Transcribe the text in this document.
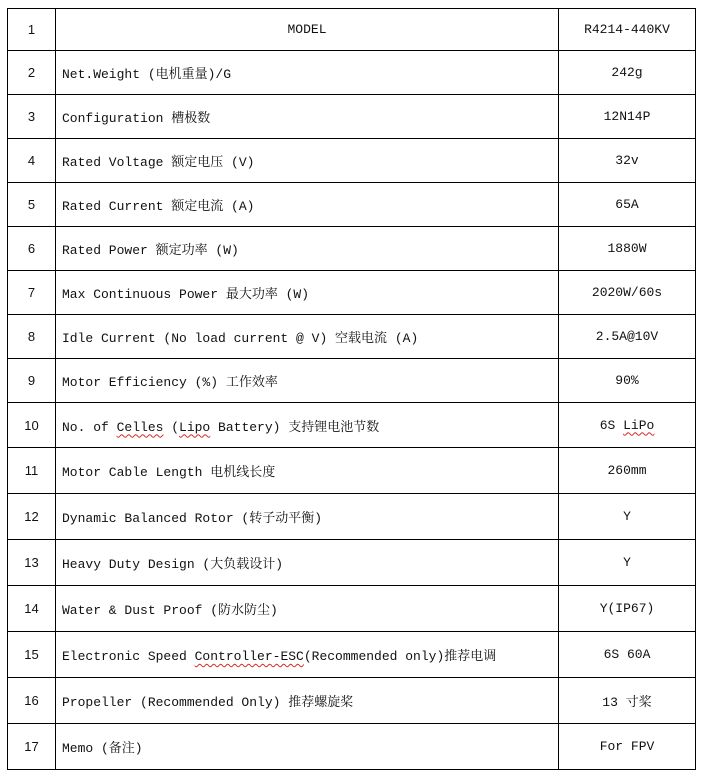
1	MODEL	R4214-440KV
2	Net.Weight (电机重量)/G	242g
3	Configuration 槽极数	12N14P
4	Rated Voltage 额定电压 (V)	32v
5	Rated Current 额定电流 (A)	65A
6	Rated Power 额定功率 (W)	1880W
7	Max Continuous Power 最大功率 (W)	2020W/60s
8	Idle Current (No load current @ V) 空载电流 (A)	2.5A@10V
9	Motor Efficiency (%) 工作效率	90%
10	No. of Celles (Lipo Battery) 支持锂电池节数	6S LiPo
11	Motor Cable Length 电机线长度	260mm
12	Dynamic Balanced Rotor (转子动平衡)	Y
13	Heavy Duty Design (大负载设计)	Y
14	Water & Dust Proof (防水防尘)	Y(IP67)
15	Electronic Speed Controller-ESC(Recommended only)推荐电调	6S 60A
16	Propeller (Recommended Only) 推荐螺旋桨	13 寸桨
17	Memo (备注)	For FPV
